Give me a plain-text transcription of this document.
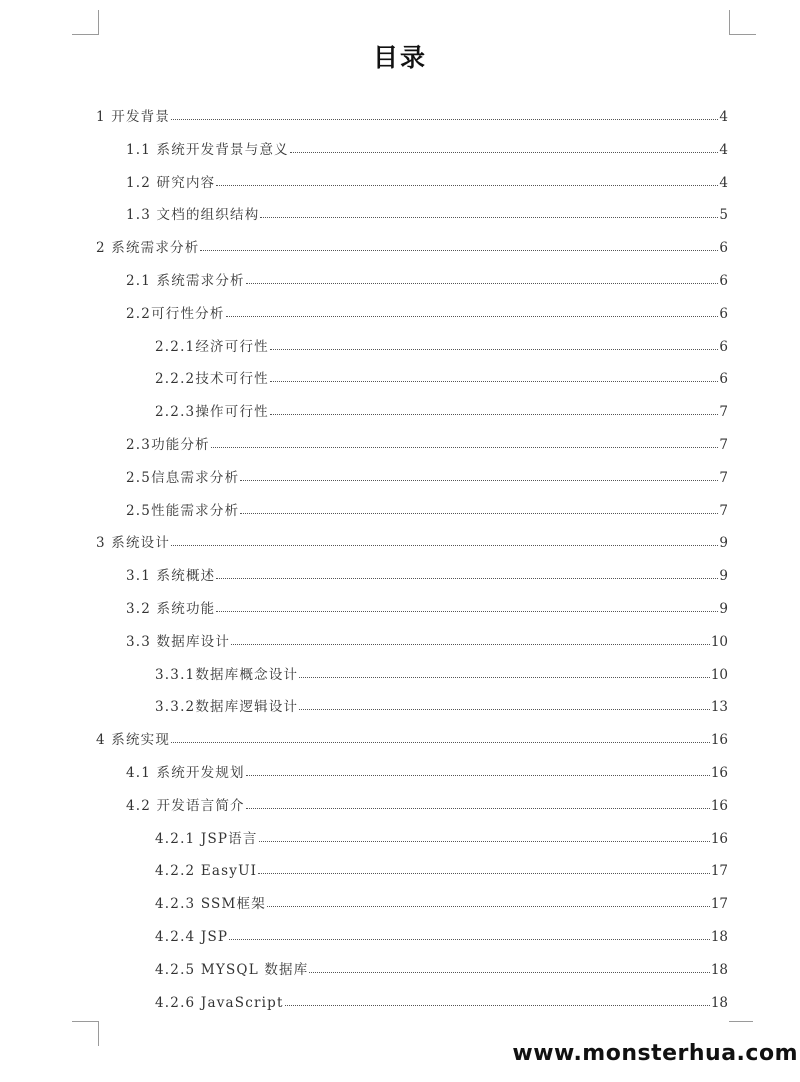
目录
1 开发背景	4
1.1 系统开发背景与意义	4
1.2 研究内容	4
1.3 文档的组织结构	5
2 系统需求分析	6
2.1 系统需求分析	6
2.2可行性分析	6
2.2.1经济可行性	6
2.2.2技术可行性	6
2.2.3操作可行性	7
2.3功能分析	7
2.5信息需求分析	7
2.5性能需求分析	7
3 系统设计	9
3.1 系统概述	9
3.2 系统功能	9
3.3 数据库设计	10
3.3.1数据库概念设计	10
3.3.2数据库逻辑设计	13
4 系统实现	16
4.1 系统开发规划	16
4.2 开发语言简介	16
4.2.1 JSP语言	16
4.2.2 EasyUI	17
4.2.3 SSM框架	17
4.2.4 JSP	18
4.2.5 MYSQL 数据库	18
4.2.6 JavaScript	18
www.monsterhua.com
